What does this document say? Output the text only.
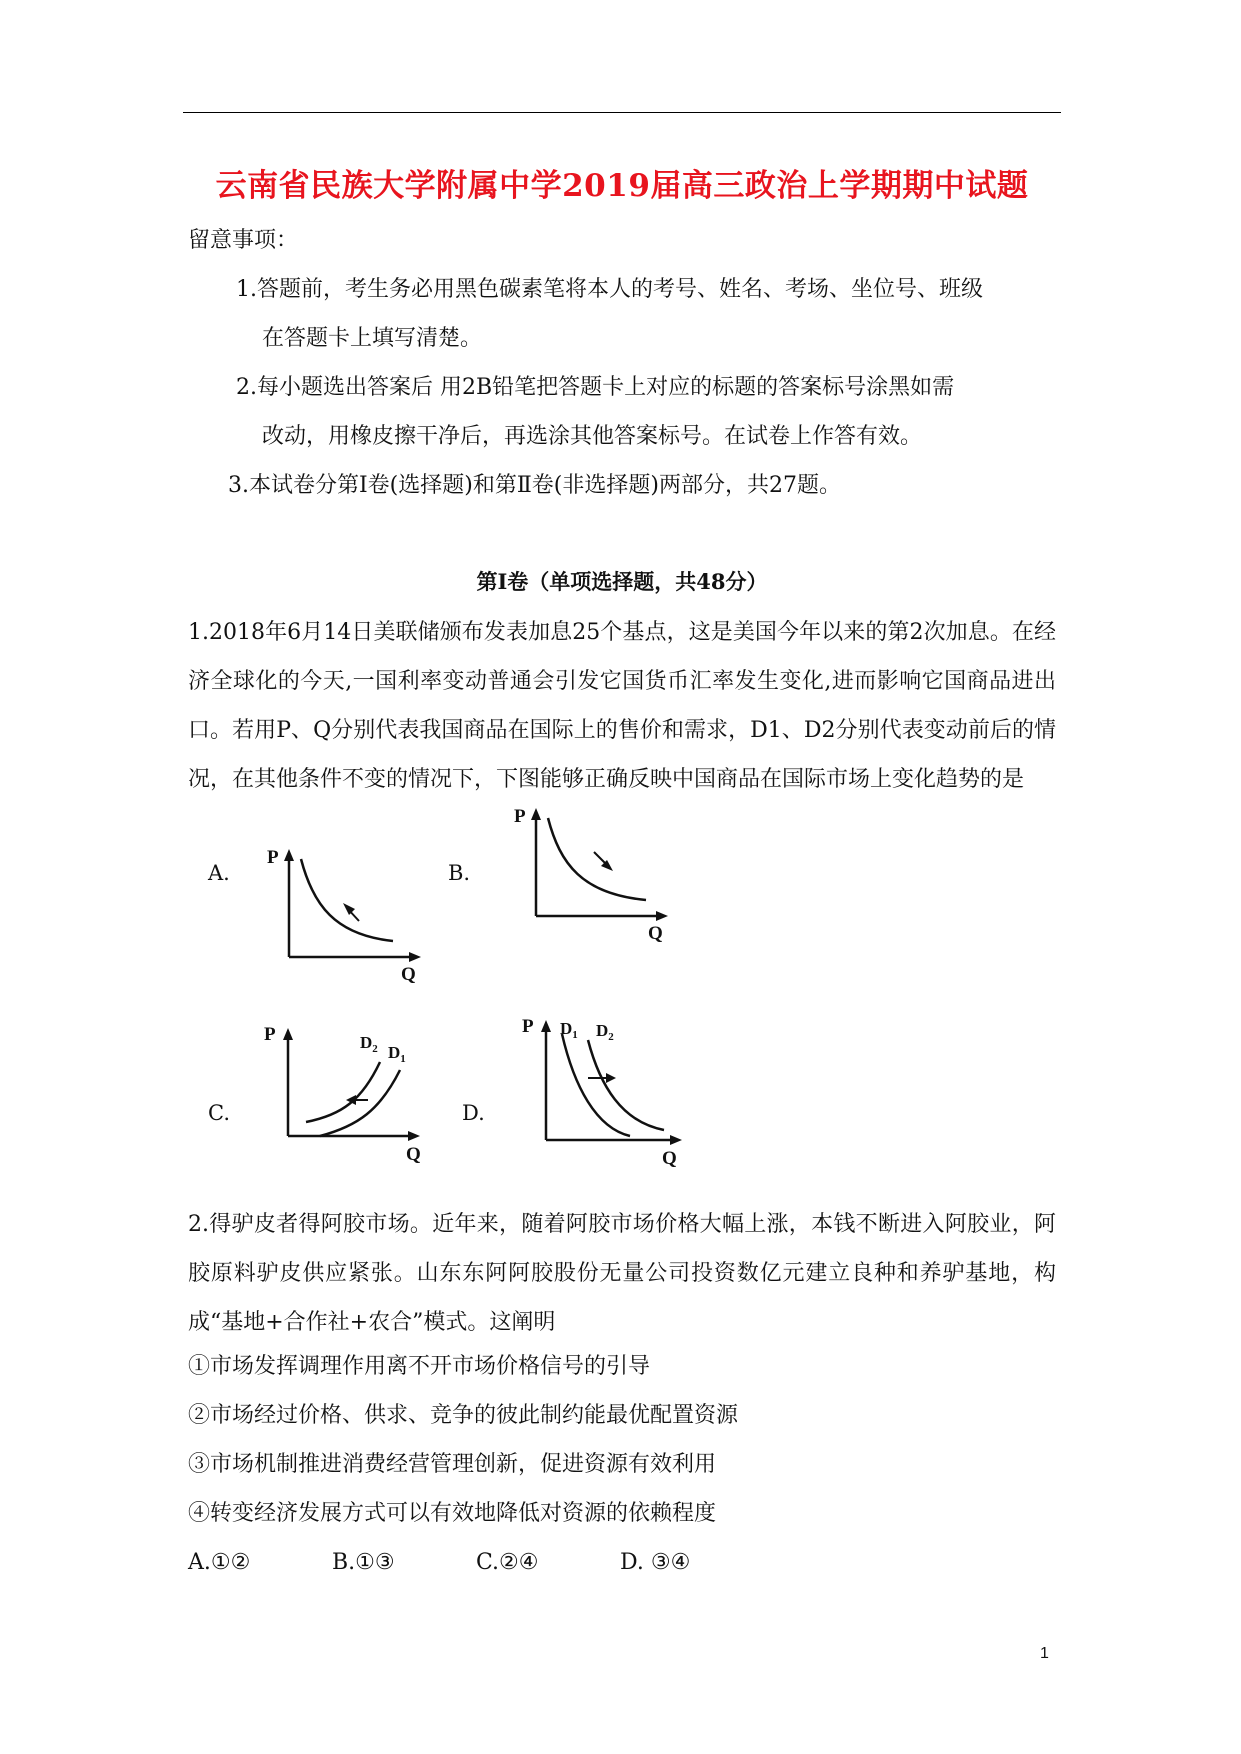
云南省民族大学附属中学2019届高三政治上学期期中试题
留意事项：
1.答题前，考生务必用黑色碳素笔将本人的考号、姓名、考场、坐位号、班级
在答题卡上填写清楚。
2.每小题选出答案后 用2B铅笔把答题卡上对应的标题的答案标号涂黑如需
改动，用橡皮擦干净后，再选涂其他答案标号。在试卷上作答有效。
3.本试卷分第Ⅰ卷(选择题)和第Ⅱ卷(非选择题)两部分，共27题。
第Ⅰ卷（单项选择题，共48分）
1.2018年6月14日美联储颁布发表加息25个基点，这是美国今年以来的第2次加息。在经济全球化的今天,一国利率变动普通会引发它国货币汇率发生变化,进而影响它国商品进出口。若用P、Q分别代表我国商品在国际上的售价和需求，D1、D2分别代表变动前后的情况，在其他条件不变的情况下，下图能够正确反映中国商品在国际市场上变化趋势的是
A.
P
Q
B.
P
Q
C.
P
Q
$D_2$ $D_1$
D.
P
Q
$D_1$ $D_2$
2.得驴皮者得阿胶市场。近年来，随着阿胶市场价格大幅上涨，本钱不断进入阿胶业，阿胶原料驴皮供应紧张。山东东阿阿胶股份无量公司投资数亿元建立良种和养驴基地，构成“基地+合作社+农合”模式。这阐明
①市场发挥调理作用离不开市场价格信号的引导
②市场经过价格、供求、竞争的彼此制约能最优配置资源
③市场机制推进消费经营管理创新，促进资源有效利用
④转变经济发展方式可以有效地降低对资源的依赖程度
A.①②	B.①③	C.②④	D. ③④
1
